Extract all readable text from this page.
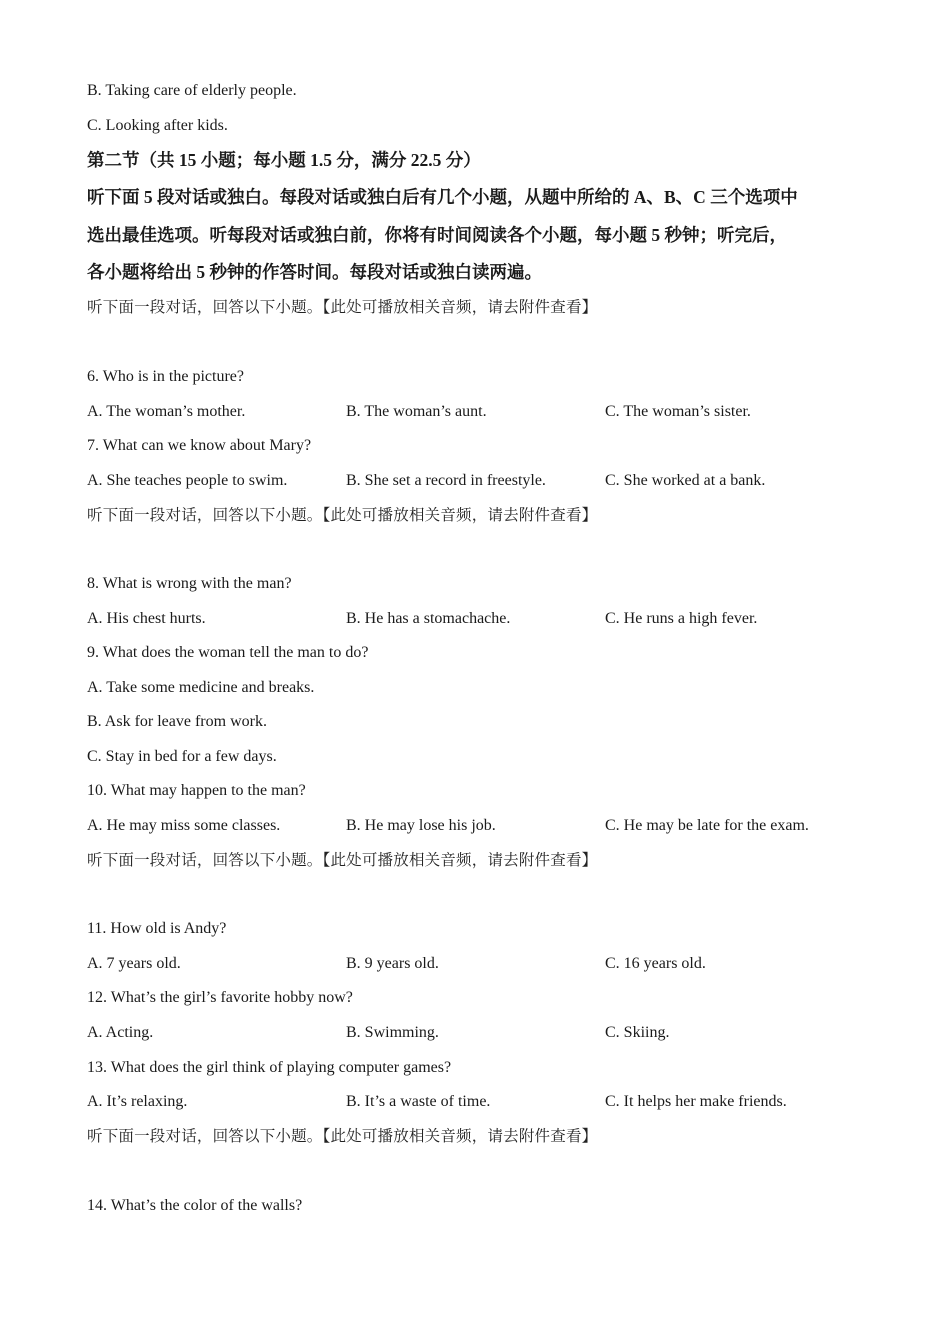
B. Taking care of elderly people.
C. Looking after kids.
第二节（共 15 小题；每小题 1.5 分，满分 22.5 分）
听下面 5 段对话或独白。每段对话或独白后有几个小题，从题中所给的 A、B、C 三个选项中
选出最佳选项。听每段对话或独白前，你将有时间阅读各个小题，每小题 5 秒钟；听完后，
各小题将给出 5 秒钟的作答时间。每段对话或独白读两遍。
听下面一段对话，回答以下小题。【此处可播放相关音频，请去附件查看】
6. Who is in the picture?
A. The woman’s mother.	B. The woman’s aunt.	C. The woman’s sister.
7. What can we know about Mary?
A. She teaches people to swim.	B. She set a record in freestyle.	C. She worked at a bank.
听下面一段对话，回答以下小题。【此处可播放相关音频，请去附件查看】
8. What is wrong with the man?
A. His chest hurts.	B. He has a stomachache.	C. He runs a high fever.
9. What does the woman tell the man to do?
A. Take some medicine and breaks.
B. Ask for leave from work.
C. Stay in bed for a few days.
10. What may happen to the man?
A. He may miss some classes.	B. He may lose his job.	C. He may be late for the exam.
听下面一段对话，回答以下小题。【此处可播放相关音频，请去附件查看】
11. How old is Andy?
A. 7 years old.	B. 9 years old.	C. 16 years old.
12. What’s the girl’s favorite hobby now?
A. Acting.	B. Swimming.	C. Skiing.
13. What does the girl think of playing computer games?
A. It’s relaxing.	B. It’s a waste of time.	C. It helps her make friends.
听下面一段对话，回答以下小题。【此处可播放相关音频，请去附件查看】
14. What’s the color of the walls?
